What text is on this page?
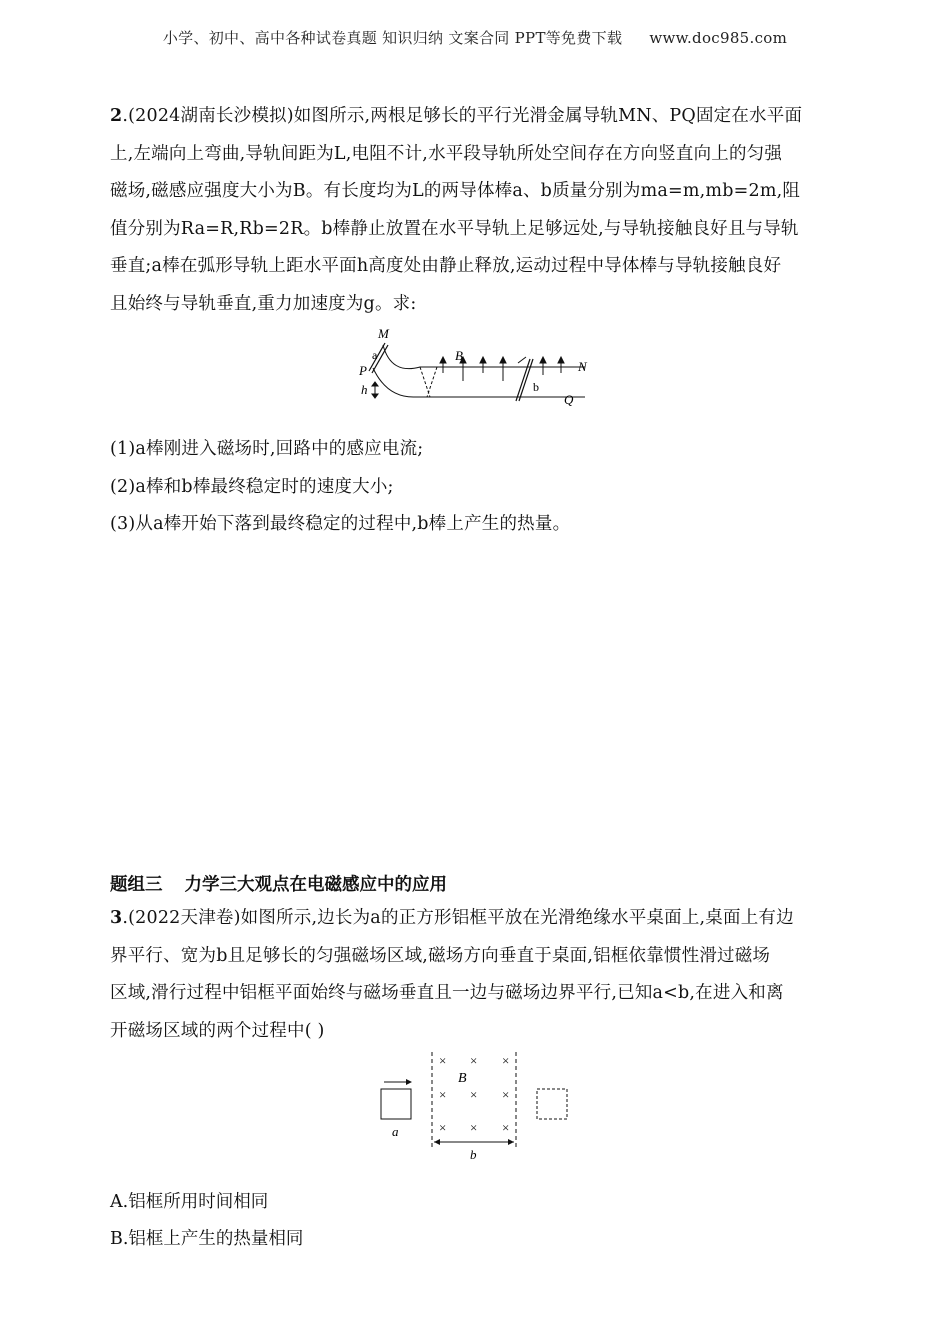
小学、初中、高中各种试卷真题 知识归纳 文案合同 PPT等免费下载 www.doc985.com

2.(2024湖南长沙模拟)如图所示,两根足够长的平行光滑金属导轨MN、PQ固定在水平面

上,左端向上弯曲,导轨间距为L,电阻不计,水平段导轨所处空间存在方向竖直向上的匀强

磁场,磁感应强度大小为B。有长度均为L的两导体棒a、b质量分别为ma=m,mb=2m,阻

值分别为Ra=R,Rb=2R。b棒静止放置在水平导轨上足够远处,与导轨接触良好且与导轨

垂直;a棒在弧形导轨上距水平面h高度处由静止释放,运动过程中导体棒与导轨接触良好

且始终与导轨垂直,重力加速度为g。求:

M
a
P
h
B
b
N
Q

(1)a棒刚进入磁场时,回路中的感应电流;

(2)a棒和b棒最终稳定时的速度大小;

(3)从a棒开始下落到最终稳定的过程中,b棒上产生的热量。

题组三 力学三大观点在电磁感应中的应用

3.(2022天津卷)如图所示,边长为a的正方形铝框平放在光滑绝缘水平桌面上,桌面上有边

界平行、宽为b且足够长的匀强磁场区域,磁场方向垂直于桌面,铝框依靠惯性滑过磁场

区域,滑行过程中铝框平面始终与磁场垂直且一边与磁场边界平行,已知a<b,在进入和离

开磁场区域的两个过程中( )

× × ×
× × ×
× × ×
B
a
b
A.铝框所用时间相同
B.铝框上产生的热量相同
